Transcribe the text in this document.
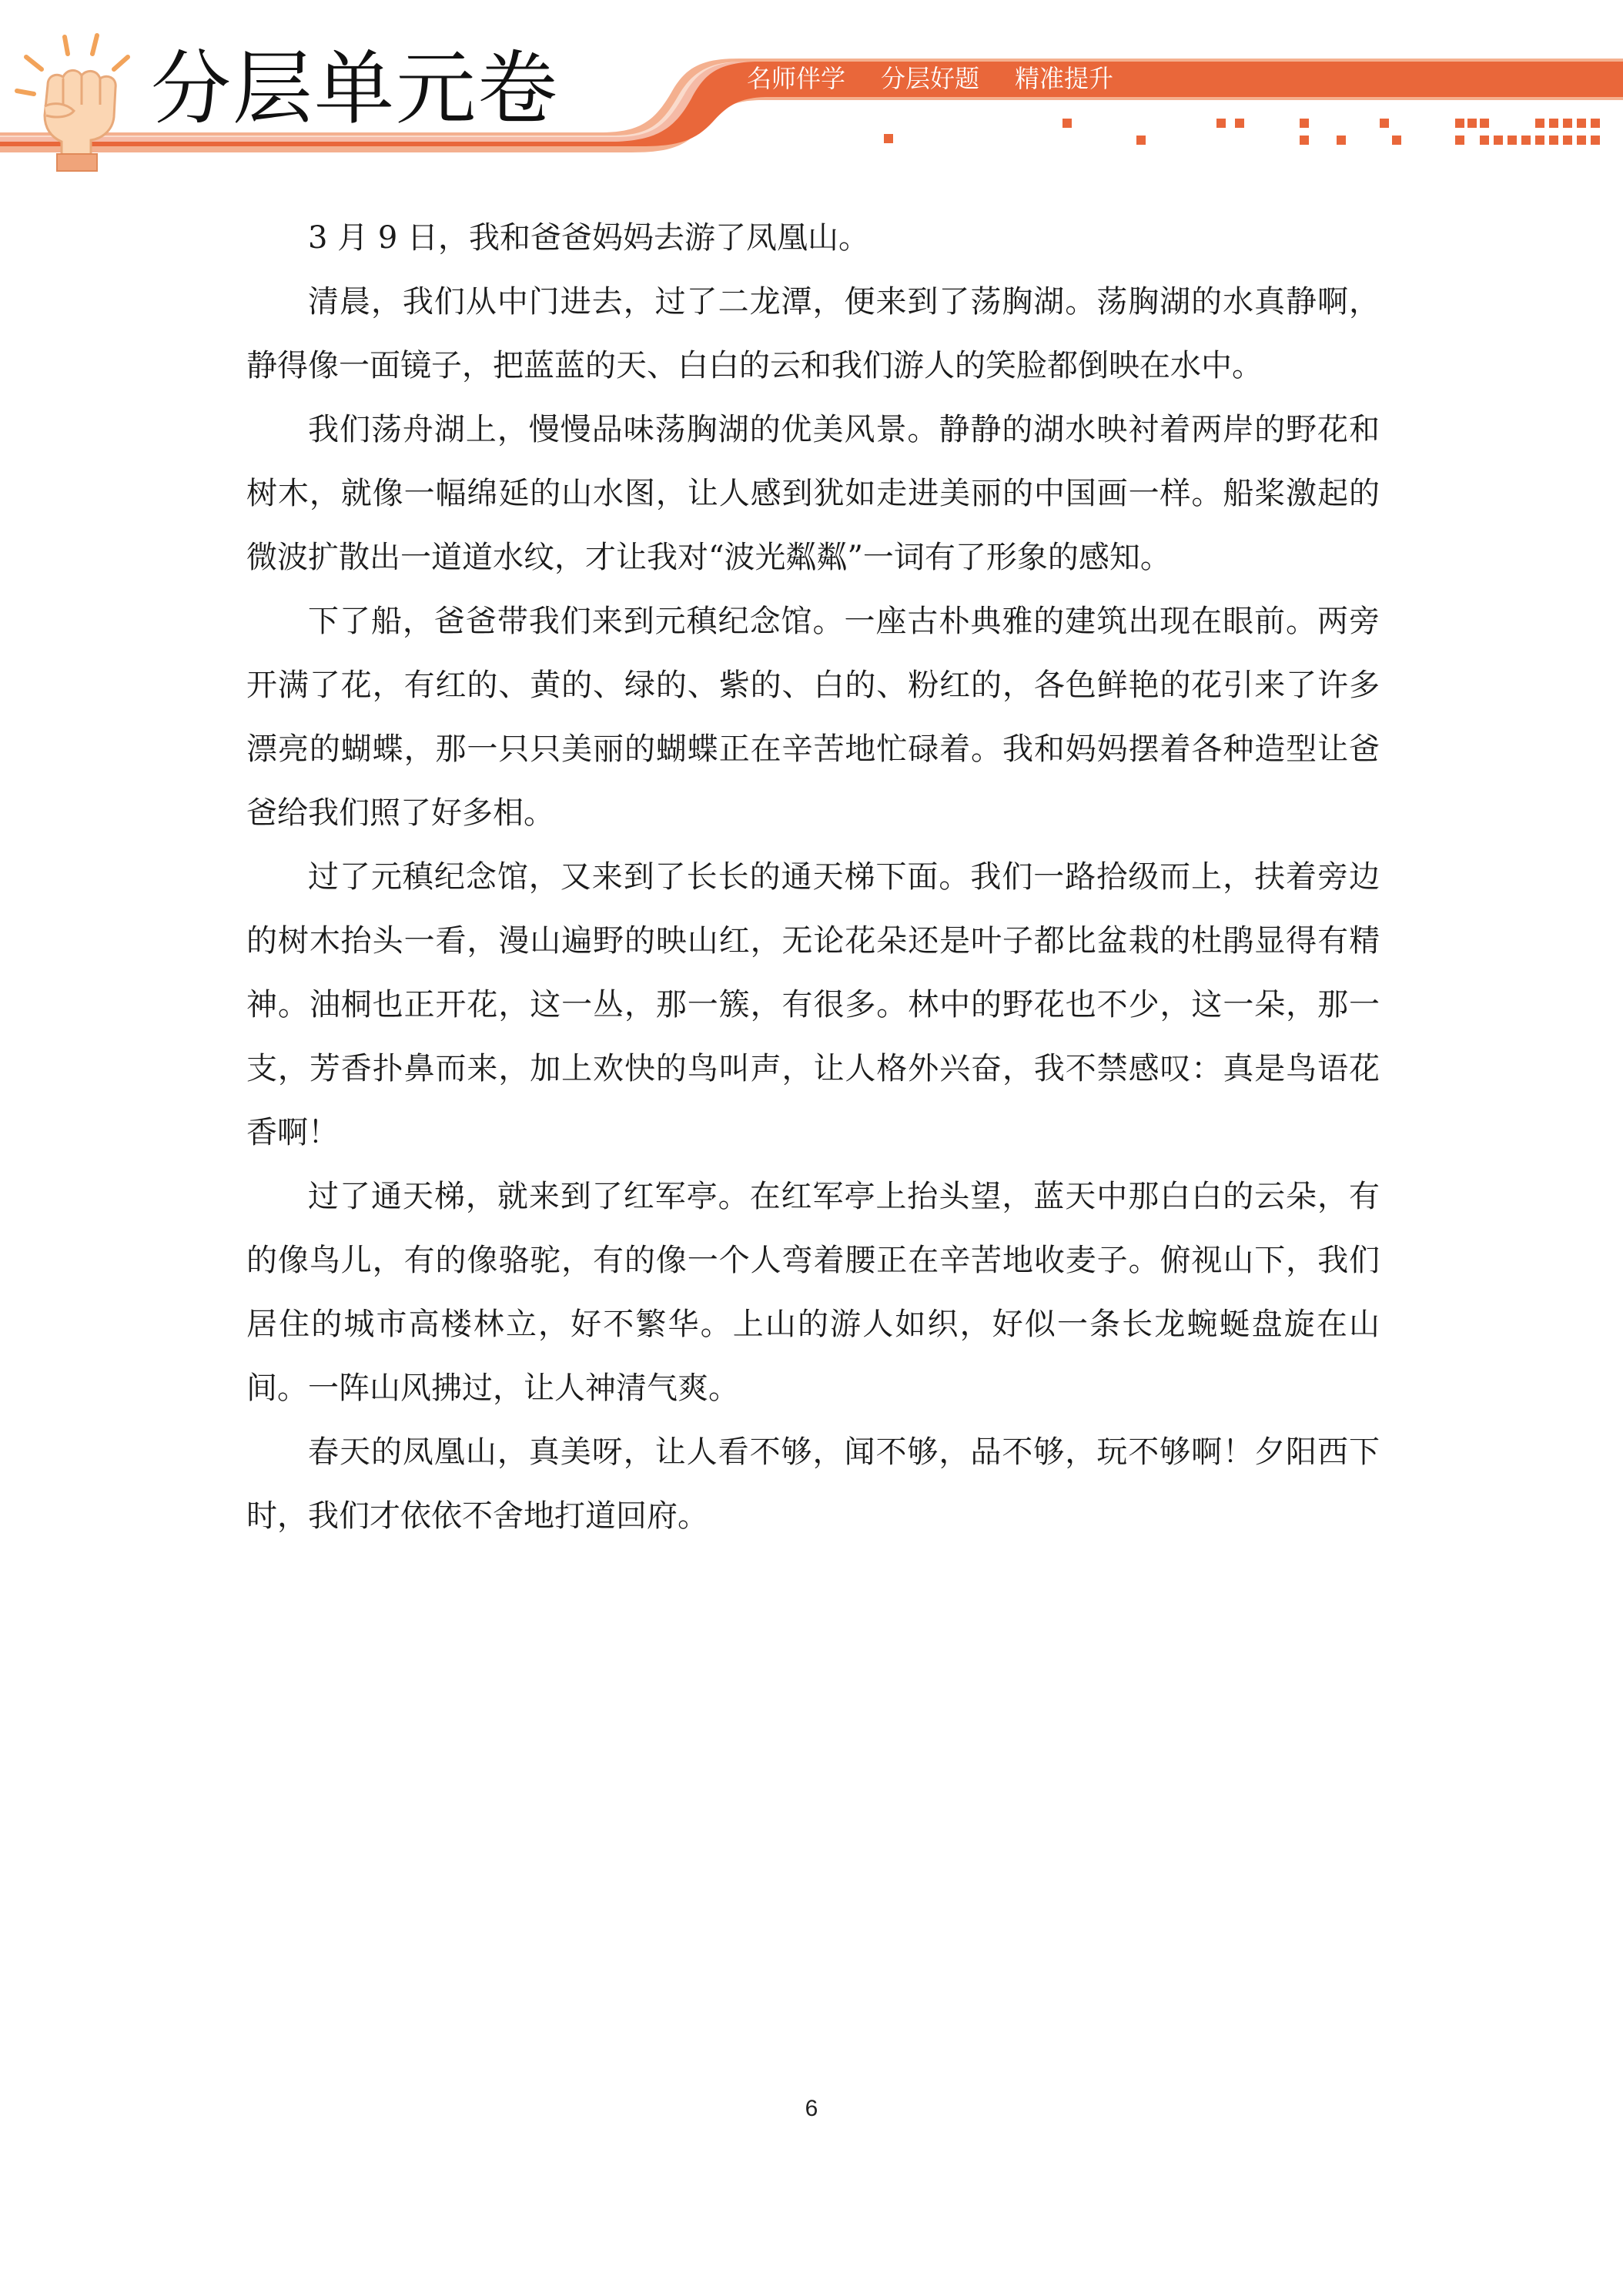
分层单元卷	名师伴学 分层好题 精准提升

3 月 9 日，我和爸爸妈妈去游了凤凰山。

清晨，我们从中门进去，过了二龙潭，便来到了荡胸湖。荡胸湖的水真静啊，静得像一面镜子，把蓝蓝的天、白白的云和我们游人的笑脸都倒映在水中。

我们荡舟湖上，慢慢品味荡胸湖的优美风景。静静的湖水映衬着两岸的野花和树木，就像一幅绵延的山水图，让人感到犹如走进美丽的中国画一样。船桨激起的微波扩散出一道道水纹，才让我对“波光粼粼”一词有了形象的感知。

下了船，爸爸带我们来到元稹纪念馆。一座古朴典雅的建筑出现在眼前。两旁开满了花，有红的、黄的、绿的、紫的、白的、粉红的，各色鲜艳的花引来了许多漂亮的蝴蝶，那一只只美丽的蝴蝶正在辛苦地忙碌着。我和妈妈摆着各种造型让爸爸给我们照了好多相。

过了元稹纪念馆，又来到了长长的通天梯下面。我们一路拾级而上，扶着旁边的树木抬头一看，漫山遍野的映山红，无论花朵还是叶子都比盆栽的杜鹃显得有精神。油桐也正开花，这一丛，那一簇，有很多。林中的野花也不少，这一朵，那一支，芳香扑鼻而来，加上欢快的鸟叫声，让人格外兴奋，我不禁感叹：真是鸟语花香啊！

过了通天梯，就来到了红军亭。在红军亭上抬头望，蓝天中那白白的云朵，有的像鸟儿，有的像骆驼，有的像一个人弯着腰正在辛苦地收麦子。俯视山下，我们居住的城市高楼林立，好不繁华。上山的游人如织，好似一条长龙蜿蜒盘旋在山间。一阵山风拂过，让人神清气爽。

春天的凤凰山，真美呀，让人看不够，闻不够，品不够，玩不够啊！夕阳西下时，我们才依依不舍地打道回府。

6
